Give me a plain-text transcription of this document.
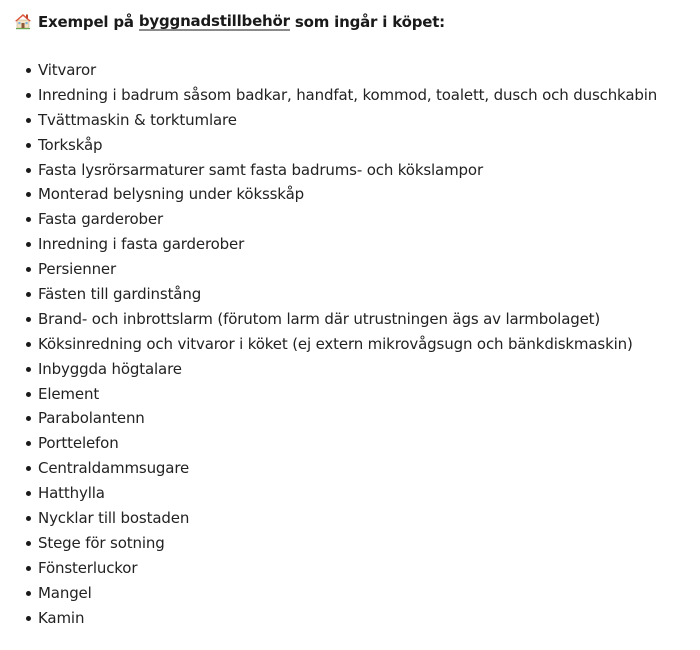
Exempel på
byggnadstillbehör
som ingår i köpet:

Vitvaror
Inredning i badrum såsom badkar, handfat, kommod, toalett, dusch och duschkabin
Tvättmaskin & torktumlare
Torkskåp
Fasta lysrörsarmaturer samt fasta badrums- och kökslampor
Monterad belysning under köksskåp
Fasta garderober
Inredning i fasta garderober
Persienner
Fästen till gardinstång
Brand- och inbrottslarm (förutom larm där utrustningen ägs av larmbolaget)
Köksinredning och vitvaror i köket (ej extern mikrovågsugn och bänkdiskmaskin)
Inbyggda högtalare
Element
Parabolantenn
Porttelefon
Centraldammsugare
Hatthylla
Nycklar till bostaden
Stege för sotning
Fönsterluckor
Mangel
Kamin
